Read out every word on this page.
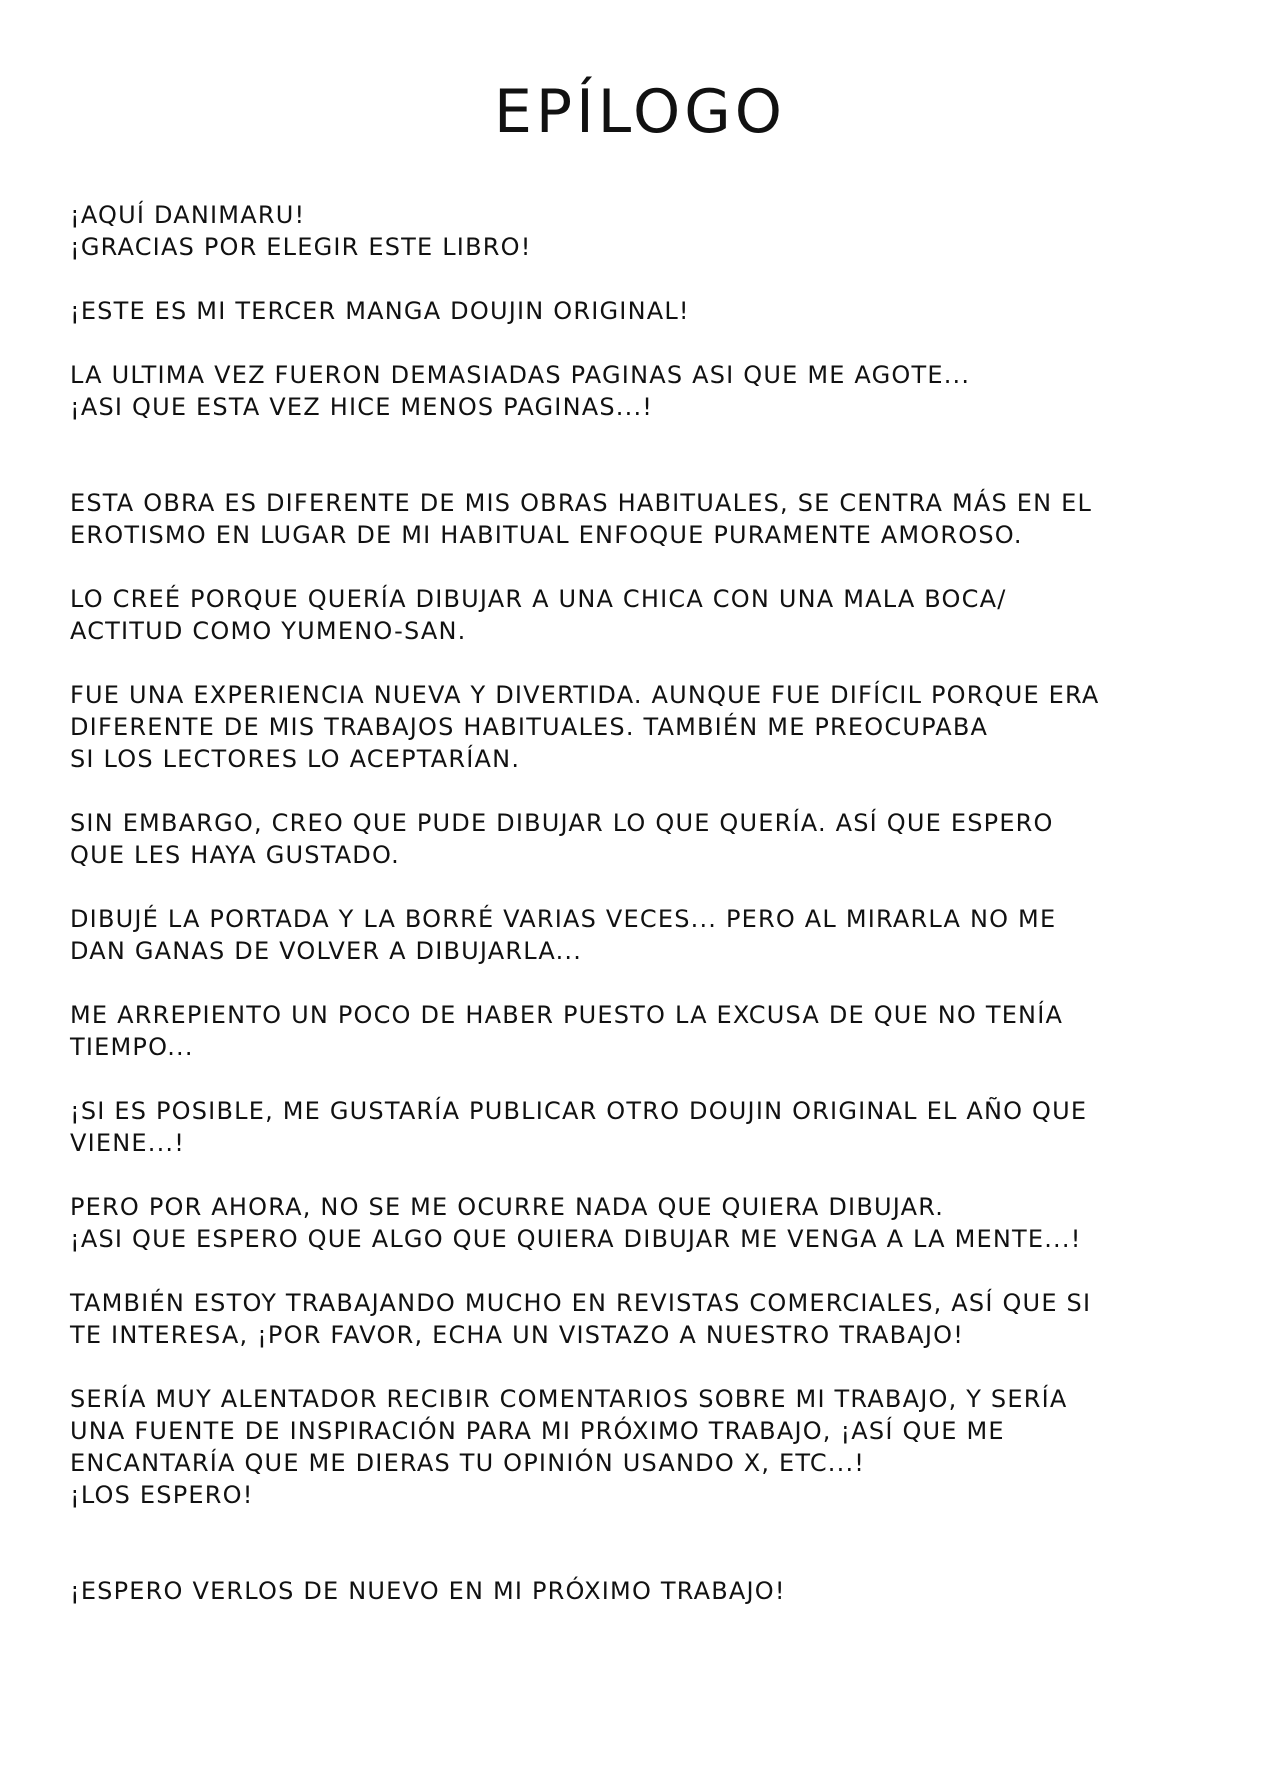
EPÍLOGO

¡AQUÍ DANIMARU!
¡GRACIAS POR ELEGIR ESTE LIBRO!

¡ESTE ES MI TERCER MANGA DOUJIN ORIGINAL!

LA ULTIMA VEZ FUERON DEMASIADAS PAGINAS ASI QUE ME AGOTE...
¡ASI QUE ESTA VEZ HICE MENOS PAGINAS...!

ESTA OBRA ES DIFERENTE DE MIS OBRAS HABITUALES, SE CENTRA MÁS EN EL
EROTISMO EN LUGAR DE MI HABITUAL ENFOQUE PURAMENTE AMOROSO.

LO CREÉ PORQUE QUERÍA DIBUJAR A UNA CHICA CON UNA MALA BOCA/
ACTITUD COMO YUMENO-SAN.

FUE UNA EXPERIENCIA NUEVA Y DIVERTIDA. AUNQUE FUE DIFÍCIL PORQUE ERA
DIFERENTE DE MIS TRABAJOS HABITUALES. TAMBIÉN ME PREOCUPABA
SI LOS LECTORES LO ACEPTARÍAN.

SIN EMBARGO, CREO QUE PUDE DIBUJAR LO QUE QUERÍA. ASÍ QUE ESPERO
QUE LES HAYA GUSTADO.

DIBUJÉ LA PORTADA Y LA BORRÉ VARIAS VECES... PERO AL MIRARLA NO ME
DAN GANAS DE VOLVER A DIBUJARLA...

ME ARREPIENTO UN POCO DE HABER PUESTO LA EXCUSA DE QUE NO TENÍA
TIEMPO...

¡SI ES POSIBLE, ME GUSTARÍA PUBLICAR OTRO DOUJIN ORIGINAL EL AÑO QUE
VIENE...!

PERO POR AHORA, NO SE ME OCURRE NADA QUE QUIERA DIBUJAR.
¡ASI QUE ESPERO QUE ALGO QUE QUIERA DIBUJAR ME VENGA A LA MENTE...!

TAMBIÉN ESTOY TRABAJANDO MUCHO EN REVISTAS COMERCIALES, ASÍ QUE SI
TE INTERESA, ¡POR FAVOR, ECHA UN VISTAZO A NUESTRO TRABAJO!

SERÍA MUY ALENTADOR RECIBIR COMENTARIOS SOBRE MI TRABAJO, Y SERÍA
UNA FUENTE DE INSPIRACIÓN PARA MI PRÓXIMO TRABAJO, ¡ASÍ QUE ME
ENCANTARÍA QUE ME DIERAS TU OPINIÓN USANDO X, ETC...!
¡LOS ESPERO!

¡ESPERO VERLOS DE NUEVO EN MI PRÓXIMO TRABAJO!
